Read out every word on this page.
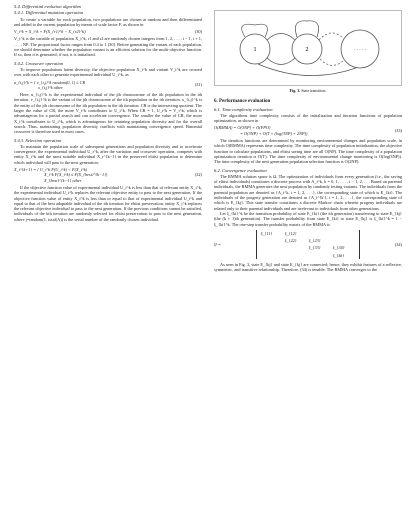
5.4. Differential evolution algorithm
5.4.1. Differential mutation operation

To create a variable for each population, two populations are chosen at random and then differentiated and added to the current population by means of scale factor F, as shown in

V_i^k = X_i^k + F(X_{r1}^k − X_{r2}^k).	(30)

V_i^k is the variable of population X_i^k, r1 and r2 are randomly chosen integers from 1, 2, . . . , i − 1, i + 1, . . . , NP. The proportional factor ranges from 0.4 to 1 [30]. Before generating the variant of each population, we should determine whether the population variant is an efficient solution for the multi-objective function. If so, then it is generated; if not, it is initialized.

5.4.2. Crossover operation

To improve populations latent diversity, the objective population X_i^k and variant V_i^k are crossed over with each other to generate experimental individual U_i^k, as

u_{i,j}^k = { v_{i,j}^k random(0, 1) ≤ CR
x_{i,j}^k other
(31)

Here, u_{i,j}^k is the experimental individual of the jth chromosome of the ith population in the ith iteration. v_{i,j}^k is the variant of the jth chromosome of the ith population in the ith iteration. x_{i,j}^k is the entity of the jth chromosome of the ith population in the ith iteration. CR is the intersecting quotient. The larger the value of CR, the more V_i^k contributes to U_i^k. When CR = 1, U_i^k = V_i^k, which is advantageous for a partial search and can accelerate convergence. The smaller the value of CR, the more X_i^k contributes to U_i^k, which is advantageous for retaining population diversity and for the overall search. Thus, maintaining population diversity conflicts with maintaining convergence speed. Binomial crossover is therefore used in most cases.

5.4.3. Selection operation

To maintain the population scale of subsequent generations and population diversity and to accelerate convergence, the experimental individual U_i^k, after the variation and crossover operation, competes with entity X_i^k and the most suitable individual X_i^{k−1} in the preserved elitist population to determine which individual will pass to the next generation:

X_i^{k+1} = { U_i^k F(U_i^k) < F(X_i^k)
X_i^k F(X_i^k) ≤ F(X_{best}^{k−1})
X_{best}^{k−1} other
(32)

If the objective function value of experimental individual U_i^k is less than that of relevant entity X_i^k, the experimental individual U_i^k replaces the relevant objective entity to pass to the next generation. If the objective function value of entity X_i^k is less than or equal to that of experimental individual U_i^k and equal to that of the best adaptable individual of the ith iteration for elitist preservation, entity X_i^k replaces the relevant objective individual to pass to the next generation. If the previous conditions cannot be satisfied, individuals of the kth iteration are randomly selected for elitist preservation to pass to the next generation, where j=random(1, total(A)) is the serial number of the randomly chosen individual.

1	2	· · · · ·
Fig. 3. State transition.
6. Performance evaluation
6.1. Time complexity evaluation

The algorithms time complexity consists of the initialization and iteration functions of population optimization, as shown in

O(RMMA) = O(3NP) + O(FPO)
= O(3NP) + O(T × (log(3NP) + 2NP))
(33)

The iteration functions are determined by monitoring environmental changes and population scale, in which O(RMMA) represents time complexity. The time complexity of population initialization, the objective function to calculate populations, and elitist saving time are all O(NP). The time complexity of a population optimization iteration is O(T). The time complexity of environmental change monitoring is O(log(3NP)). The time complexity of the next generation population selection function is O(2NP).

6.2. Convergence evaluation

The RMMA solution space is Ω. The optimization of individuals from every generation (i.e., the saving of elitist individuals) constitutes a discrete process with A_i^k, k = 0, 1, . . . , t − 1, 2, . . . Based on parental individuals, the RMMA generates the next population by randomly testing variants. The individuals from the parental population are denoted as {A_i^k, i = 1, 2, . . .}, the corresponding state of which is E_{ki}. The individuals of the progeny generation are denoted as {A_i^{k'}, i = 1, 2, . . .}, the corresponding state of which is E_{kj}. This state transfer constitutes a discrete Markov chain wherein progeny individuals are related only to their parental individuals and are irrelevant to individuals from other generations.

Let ξ_{ki}^k be the transition probability of state E_{ki} (the ith generation) transferring to state E_{kj} (the (k + 1)th generation). The transfer probability from state E_{ki} to state E_{kj} is ξ_{ki}^k = 1 − ξ_{ki}^k. The one-step transfer probability matrix of the RMMA is

ξ¹ =
ξ_{11}	ξ_{12}
ξ_{22}	ξ_{23}
ξ_{33}	ξ_{34}
ξ_{kk}
(34)

As seen in Fig. 3, state E_{kj} and state E_{kj} are connected; hence, they exhibit features of a reflexive, symmetric, and transitive relationship. Therefore, (34) is tenable. The RMMA converges to the
